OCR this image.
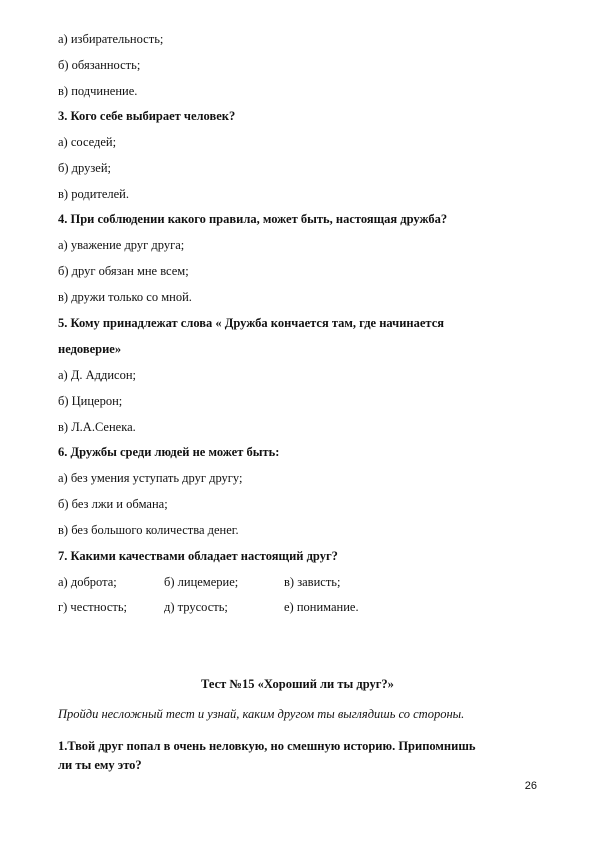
а) избирательность;
б) обязанность;
в) подчинение.
3. Кого себе выбирает человек?
а) соседей;
б) друзей;
в) родителей.
4. При соблюдении какого правила, может быть, настоящая дружба?
а) уважение друг друга;
б) друг обязан мне всем;
в) дружи только со мной.
5. Кому принадлежат слова « Дружба кончается там, где начинается
недоверие»
а) Д. Аддисон;
б) Цицерон;
в) Л.А.Сенека.
6. Дружбы среди людей не может быть:
а) без умения уступать друг другу;
б) без лжи и обмана;
в) без большого количества денег.
7. Какими качествами обладает настоящий друг?
а) доброта;	б) лицемерие;	в) зависть;
г) честность;	д) трусость;	е) понимание.
Тест №15 «Хороший ли ты друг?»
Пройди несложный тест и узнай, каким другом ты выглядишь со стороны.
1.Твой друг попал в очень неловкую, но смешную историю. Припомнишь
ли ты ему это?
26
